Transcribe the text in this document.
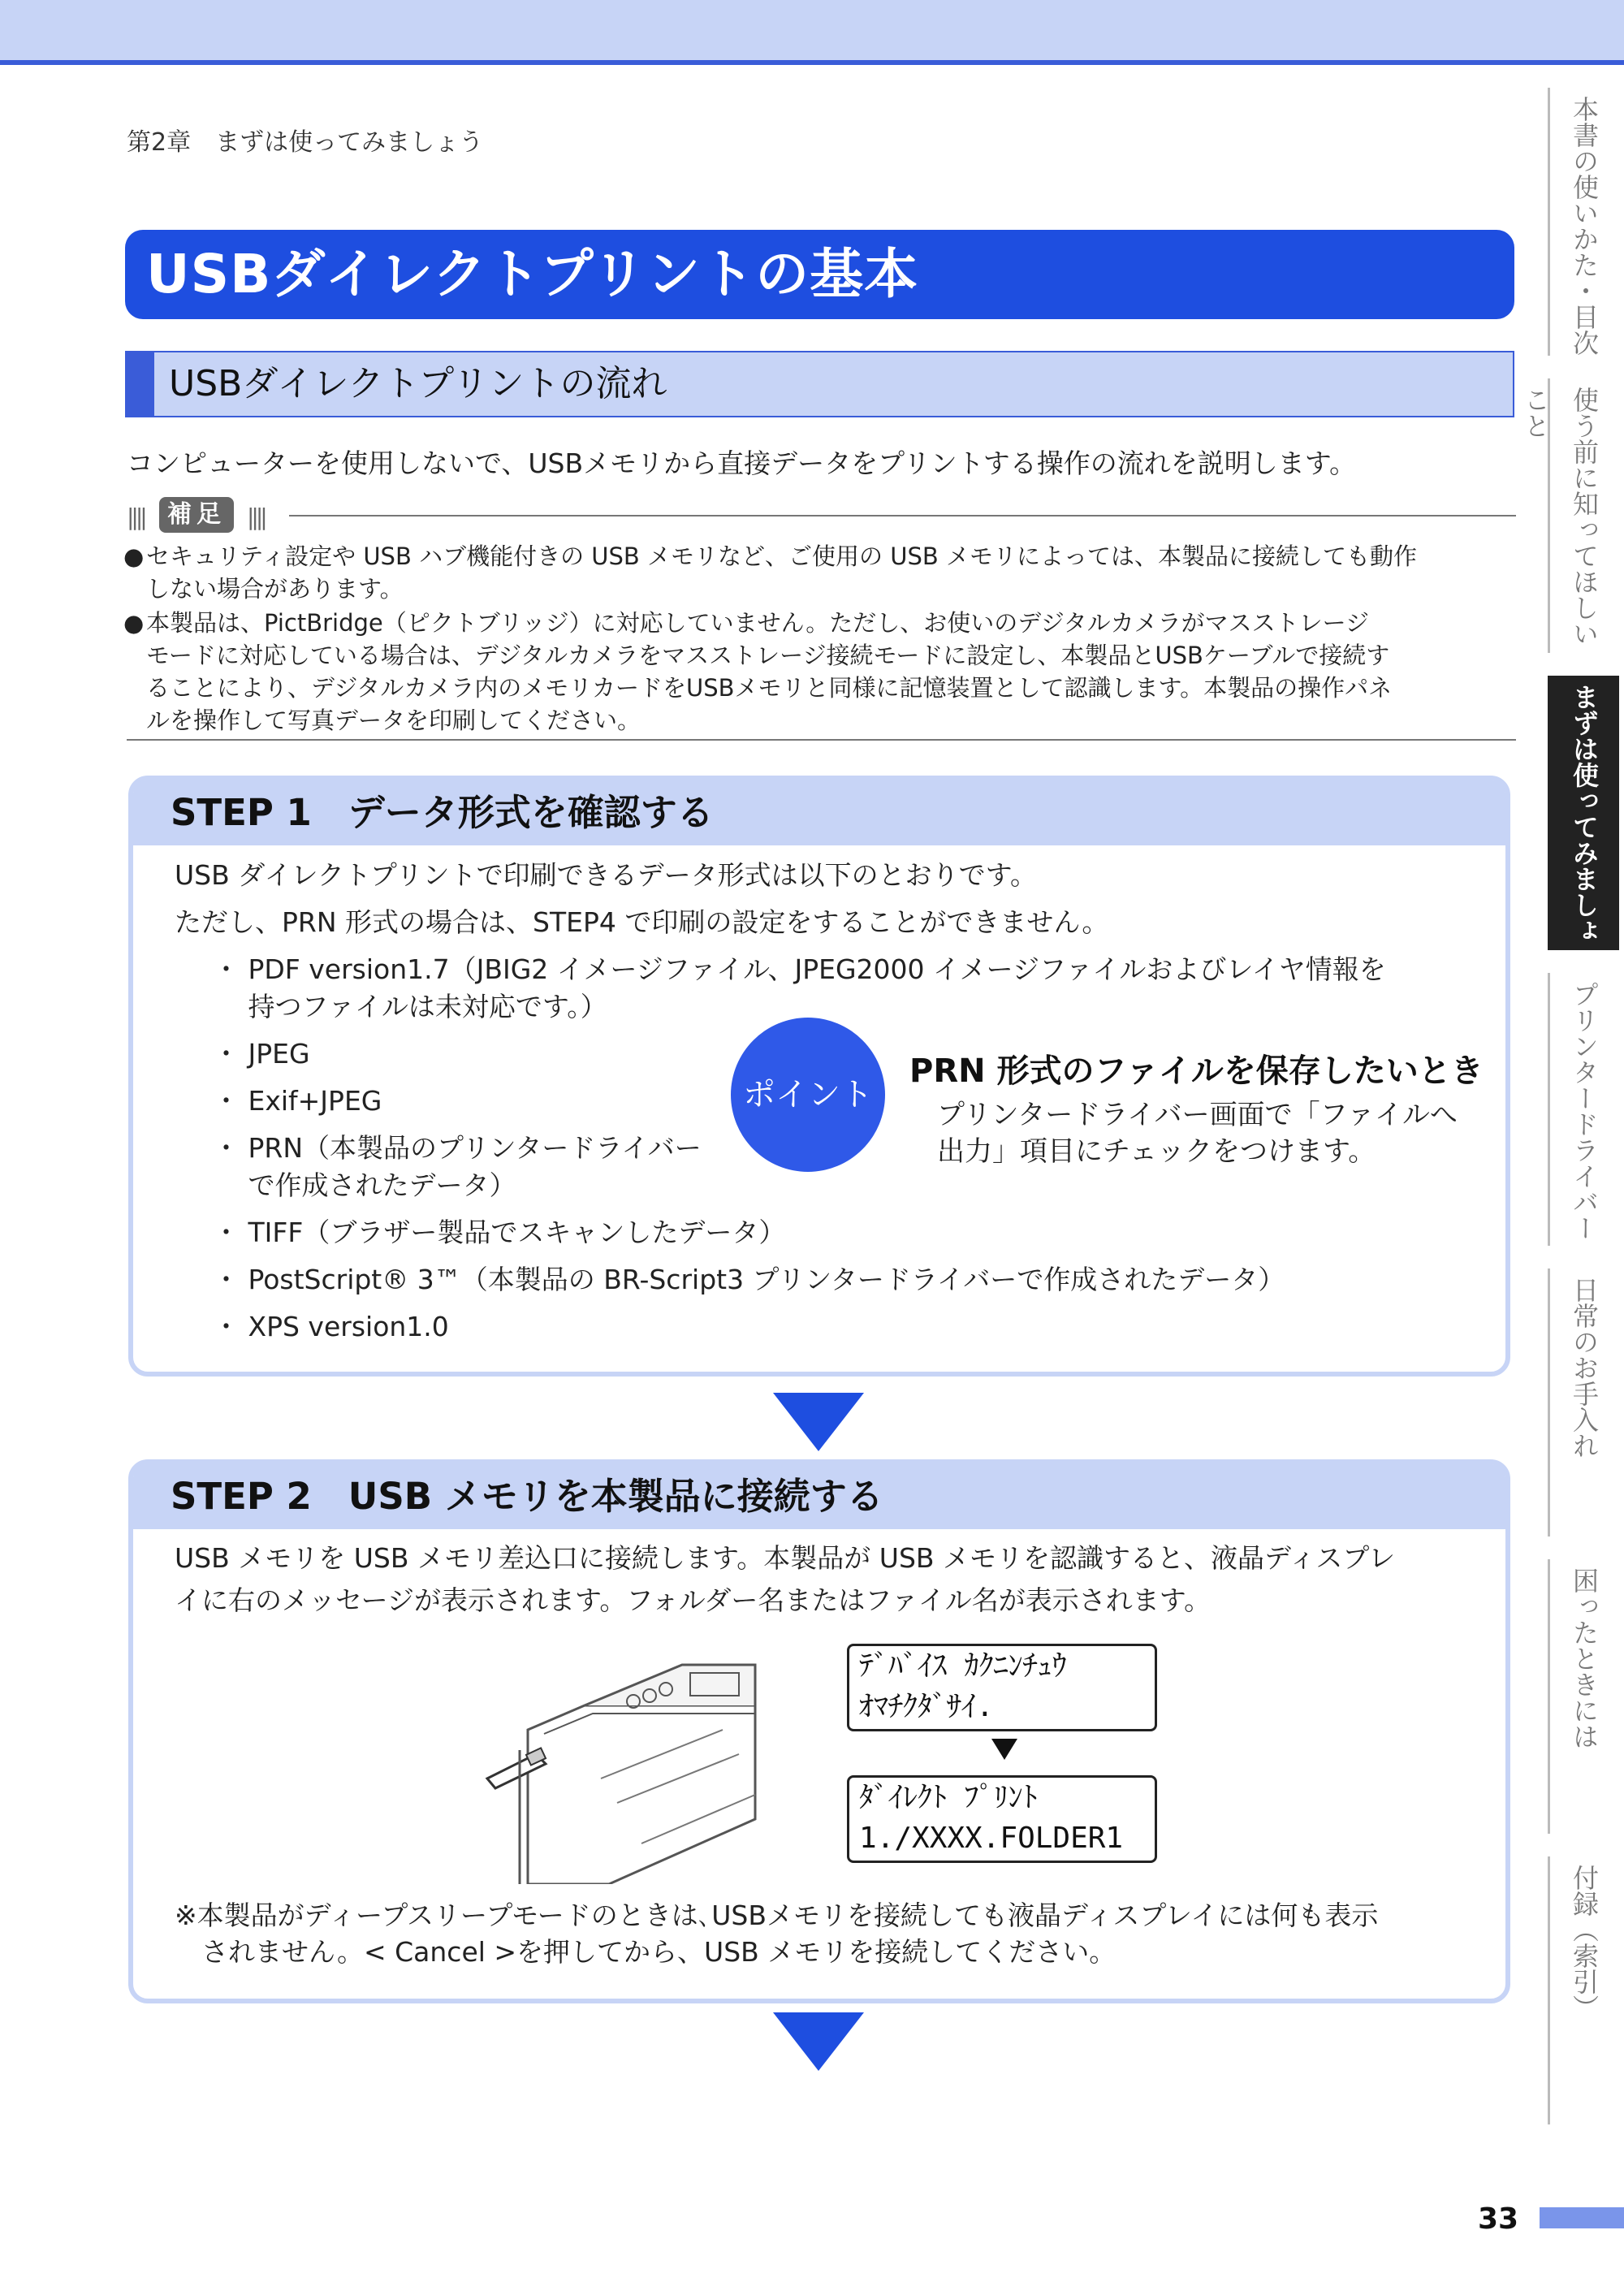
第2章　まずは使ってみましょう
USBダイレクトプリントの基本
USBダイレクトプリントの流れ
コンピューターを使用しないで、USBメモリから直接データをプリントする操作の流れを説明します。
|||| 補足 ||||
● セキュリティ設定や USB ハブ機能付きの USB メモリなど、ご使用の USB メモリによっては、本製品に接続しても動作
しない場合があります。
● 本製品は、PictBridge（ピクトブリッジ）に対応していません。ただし、お使いのデジタルカメラがマスストレージ
モードに対応している場合は、デジタルカメラをマスストレージ接続モードに設定し、本製品とUSBケーブルで接続す
ることにより、デジタルカメラ内のメモリカードをUSBメモリと同様に記憶装置として認識します。本製品の操作パネ
ルを操作して写真データを印刷してください。
STEP 1　データ形式を確認する
USB ダイレクトプリントで印刷できるデータ形式は以下のとおりです。
ただし、PRN 形式の場合は、STEP4 で印刷の設定をすることができません。
・ PDF version1.7（JBIG2 イメージファイル、JPEG2000 イメージファイルおよびレイヤ情報を
　 持つファイルは未対応です。）
・ JPEG
・ Exif+JPEG
・ PRN（本製品のプリンタードライバー
　 で作成されたデータ）
・ TIFF（ブラザー製品でスキャンしたデータ）
・ PostScript® 3™（本製品の BR-Script3 プリンタードライバーで作成されたデータ）
・ XPS version1.0
ポイント
PRN 形式のファイルを保存したいとき
プリンタードライバー画面で「ファイルへ
出力」項目にチェックをつけます。
STEP 2　USB メモリを本製品に接続する
USB メモリを USB メモリ差込口に接続します。本製品が USB メモリを認識すると、液晶ディスプレ
イに右のメッセージが表示されます。フォルダー名またはファイル名が表示されます。
ﾃﾞﾊﾞｲｽ ｶｸﾆﾝﾁｭｳ
ｵﾏﾁｸﾀﾞｻｲ.
ﾀﾞｲﾚｸﾄ ﾌﾟﾘﾝﾄ
1./XXXX.FOLDER1
※本製品がディープスリープモードのときは､USBメモリを接続しても液晶ディスプレイには何も表示
　されません。< Cancel >を押してから、USB メモリを接続してください。
本書の使いかた・目次
使う前に知ってほしいこと
まずは使ってみましょう
プリンタードライバー
日常のお手入れ
困ったときには
付録（索引）
33
